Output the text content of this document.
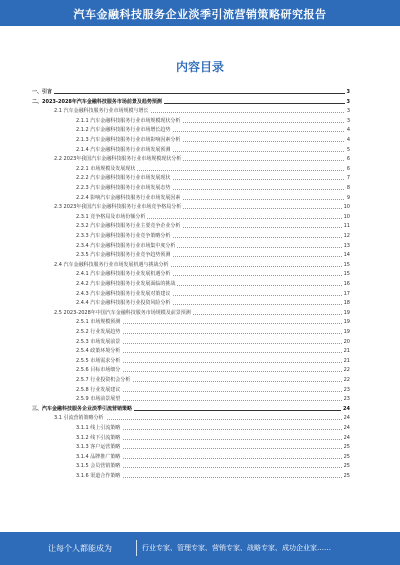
汽车金融科技服务企业淡季引流营销策略研究报告
内容目录
一、引言	3
二、2023-2028年汽车金融科技服务市场前景及趋势预测	3
2.1 汽车金融科技服务行业市场规模与增长	3
2.1.1 汽车金融科技服务行业市场规模现状分析	3
2.1.2 汽车金融科技服务行业市场增长趋势	4
2.1.3 汽车金融科技服务行业市场影响因素分析	4
2.1.4 汽车金融科技服务行业市场发展预测	5
2.2 2023年我国汽车金融科技服务行业市场规模现状分析	6
2.2.1 市场规模及发展现状	6
2.2.2 汽车金融科技服务行业市场发展现状	7
2.2.3 汽车金融科技服务行业市场发展态势	8
2.2.4 影响汽车金融科技服务行业市场发展因素	9
2.3 2023年我国汽车金融科技服务行业市场竞争格局分析	10
2.3.1 竞争格局及市场份额分析	10
2.3.2 汽车金融科技服务行业主要竞争企业分析	11
2.3.3 汽车金融科技服务行业竞争策略分析	12
2.3.4 汽车金融科技服务行业市场集中度分析	13
2.3.5 汽车金融科技服务行业竞争趋势预测	14
2.4 汽车金融科技服务行业市场发展机遇与挑战分析	15
2.4.1 汽车金融科技服务行业发展机遇分析	15
2.4.2 汽车金融科技服务行业发展面临的挑战	16
2.4.3 汽车金融科技服务行业发展对策建议	17
2.4.4 汽车金融科技服务行业投资风险分析	18
2.5 2023-2028年中国汽车金融科技服务市场规模及前景预测	19
2.5.1 市场规模预测	19
2.5.2 行业发展趋势	19
2.5.3 市场发展前景	20
2.5.4 政策环境分析	21
2.5.5 市场需求分析	21
2.5.6 目标市场细分	22
2.5.7 行业投资机会分析	22
2.5.8 行业发展建议	23
2.5.9 市场前景展望	23
三、汽车金融科技服务企业淡季引流营销策略	24
3.1 引流营销策略分析	24
3.1.1 线上引流策略	24
3.1.2 线下引流策略	24
3.1.3 客户运营策略	25
3.1.4 品牌推广策略	25
3.1.5 会员营销策略	25
3.1.6 渠道合作策略	25
让每个人都能成为	行业专家、管理专家、营销专家、战略专家、成功企业家……
